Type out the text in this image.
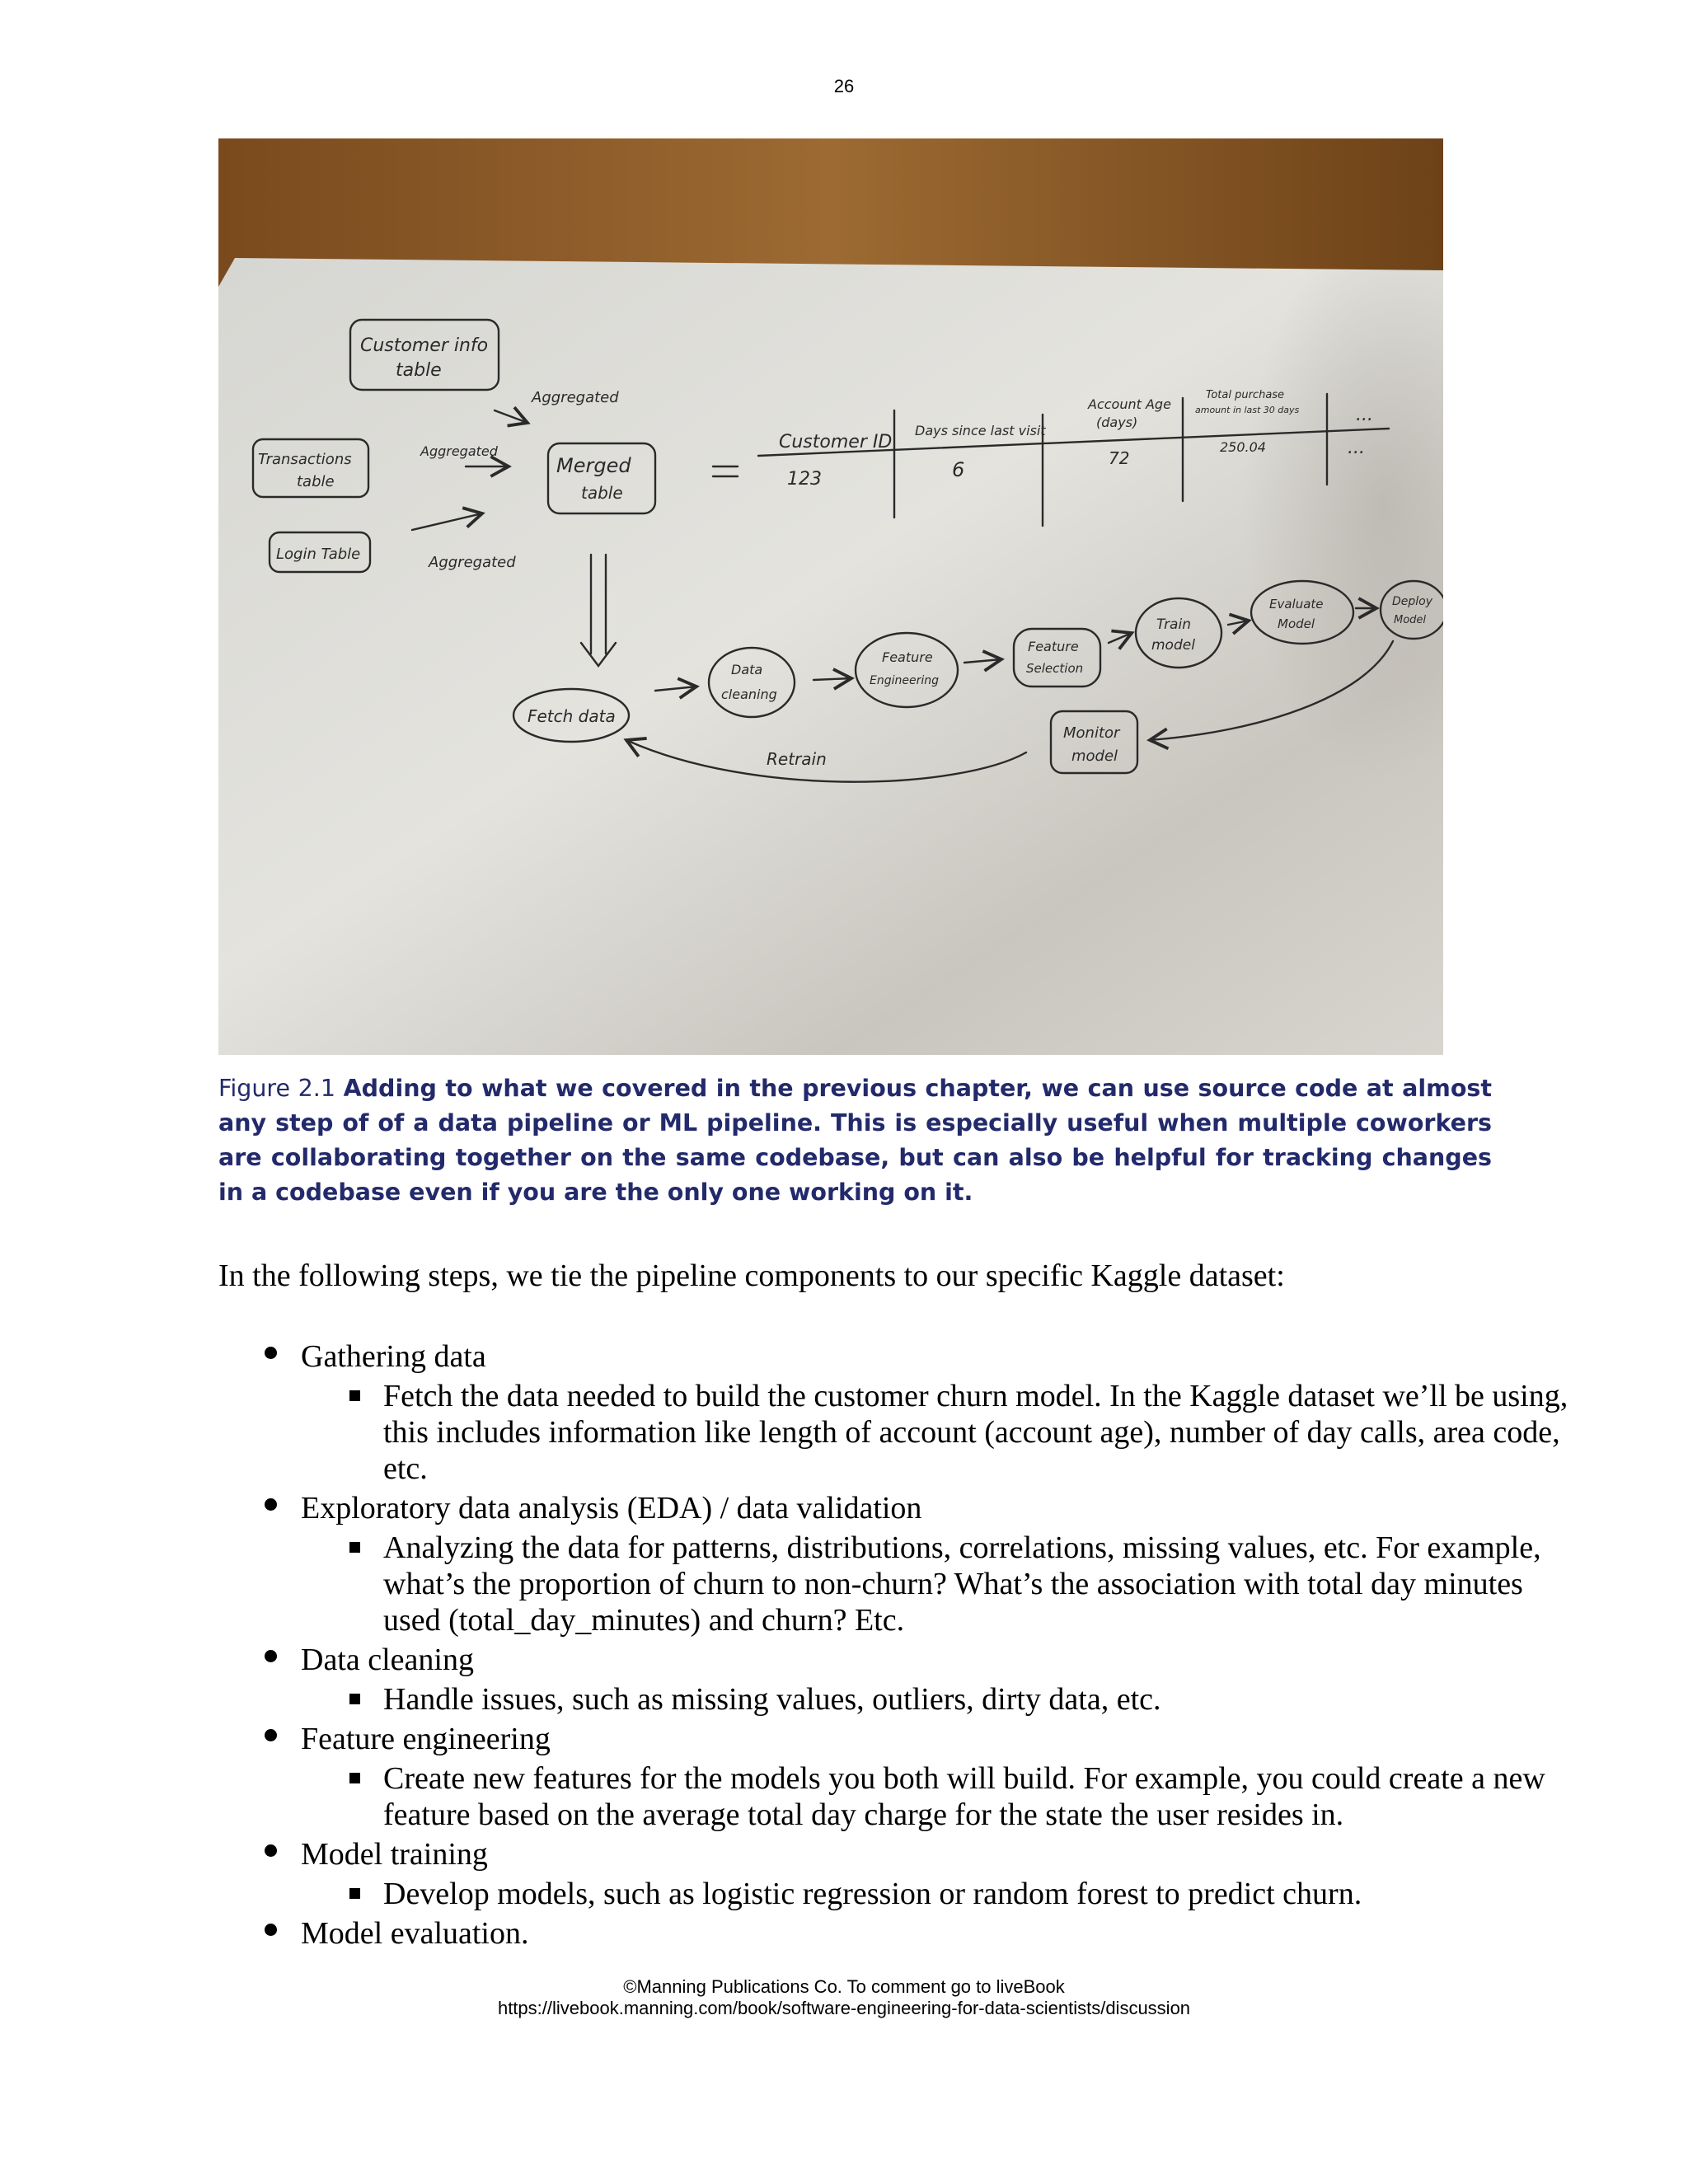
26
Customer info
table
Transactions
table
Login Table
Aggregated
Aggregated
Aggregated
Merged
table
Customer ID
123
Days since last visit
6
Account Age
(days)
72
Total purchase
amount in last 30 days
250.04
...
...
Fetch data
Data
cleaning
Feature
Engineering
Feature
Selection
Train
model
Evaluate
Model
Deploy
Model
Monitor
model
Retrain
Figure 2.1 Adding to what we covered in the previous chapter, we can use source code at almost any step of of a data pipeline or ML pipeline. This is especially useful when multiple coworkers are collaborating together on the same codebase, but can also be helpful for tracking changes in a codebase even if you are the only one working on it.
In the following steps, we tie the pipeline components to our specific Kaggle dataset:
Gathering data
Fetch the data needed to build the customer churn model. In the Kaggle dataset we’ll be using, this includes information like length of account (account age), number of day calls, area code, etc.
Exploratory data analysis (EDA) / data validation
Analyzing the data for patterns, distributions, correlations, missing values, etc. For example, what’s the proportion of churn to non-churn? What’s the association with total day minutes used (total_day_minutes) and churn? Etc.
Data cleaning
Handle issues, such as missing values, outliers, dirty data, etc.
Feature engineering
Create new features for the models you both will build. For example, you could create a new feature based on the average total day charge for the state the user resides in.
Model training
Develop models, such as logistic regression or random forest to predict churn.
Model evaluation.
©Manning Publications Co. To comment go to liveBook
https://livebook.manning.com/book/software-engineering-for-data-scientists/discussion
